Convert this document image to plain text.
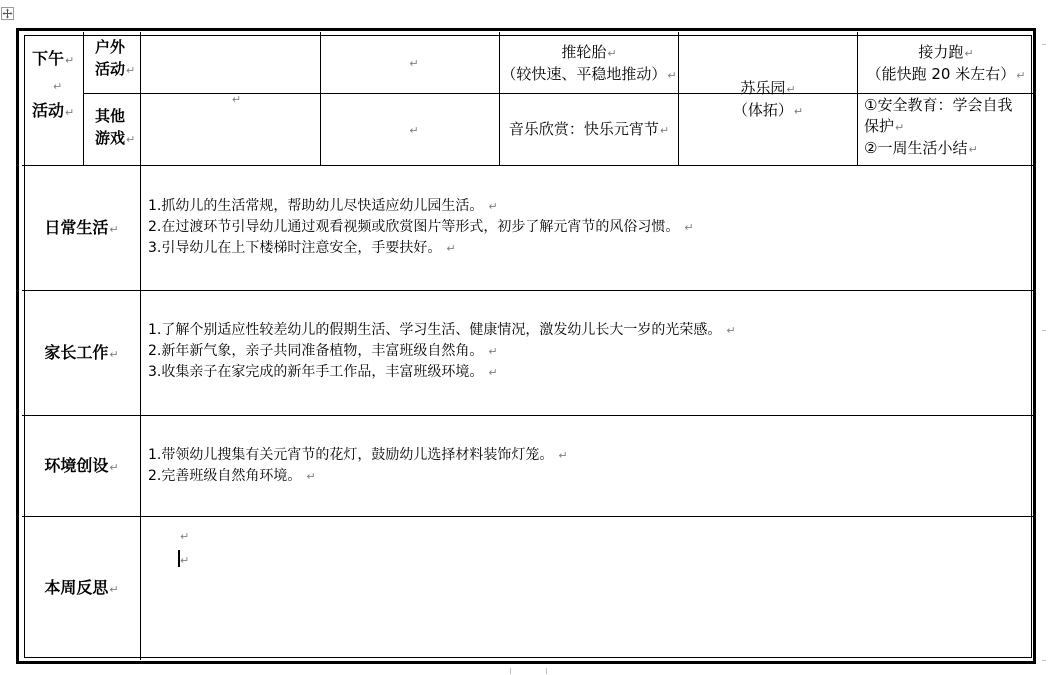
下午↵
↵
活动↵
户外
活动↵
其他
游戏↵
↵
↵
↵
推轮胎↵
（较快速、平稳地推动）↵
音乐欣赏：快乐元宵节↵
苏乐园↵
（体拓）↵
接力跑↵
（能快跑 20 米左右）↵
①安全教育：学会自我
保护↵
②一周生活小结↵
日常生活↵
1.抓幼儿的生活常规，帮助幼儿尽快适应幼儿园生活。 ↵
2.在过渡环节引导幼儿通过观看视频或欣赏图片等形式，初步了解元宵节的风俗习惯。 ↵
3.引导幼儿在上下楼梯时注意安全，手要扶好。 ↵
家长工作↵
1.了解个别适应性较差幼儿的假期生活、学习生活、健康情况，激发幼儿长大一岁的光荣感。 ↵
2.新年新气象，亲子共同准备植物，丰富班级自然角。 ↵
3.收集亲子在家完成的新年手工作品，丰富班级环境。 ↵
环境创设↵
1.带领幼儿搜集有关元宵节的花灯，鼓励幼儿选择材料装饰灯笼。 ↵
2.完善班级自然角环境。 ↵
本周反思↵
↵
↵
